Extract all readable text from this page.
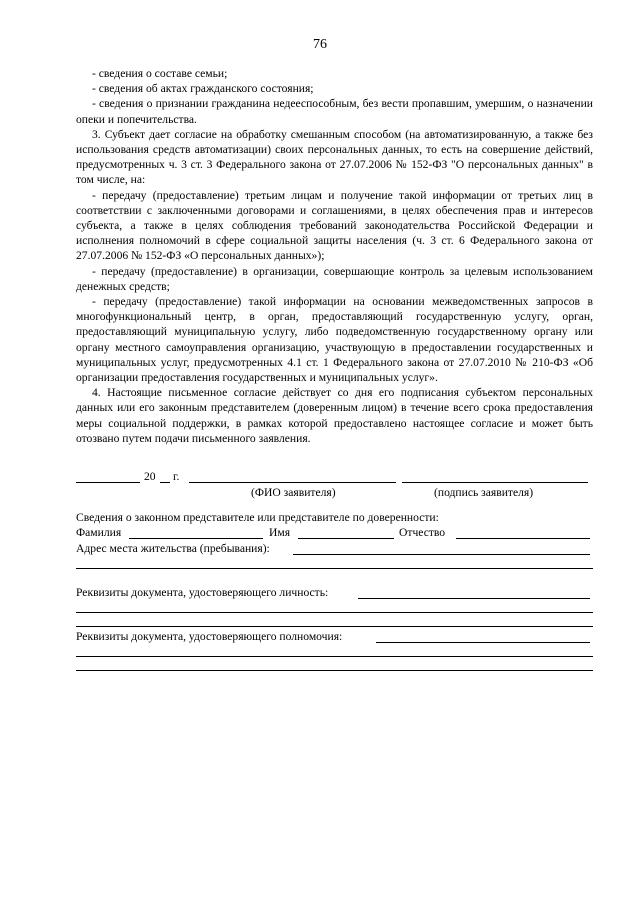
76

- сведения о составе семьи;

- сведения об актах гражданского состояния;

- сведения о признании гражданина недееспособным, без вести пропавшим, умершим, о назначении опеки и попечительства.

3. Субъект дает согласие на обработку смешанным способом (на автоматизированную, а также без использования средств автоматизации) своих персональных данных, то есть на совершение действий, предусмотренных ч. 3 ст. 3 Федерального закона от 27.07.2006 № 152-ФЗ "О персональных данных" в том числе, на:

- передачу (предоставление) третьим лицам и получение такой информации от третьих лиц в соответствии с заключенными договорами и соглашениями, в целях обеспечения прав и интересов субъекта, а также в целях соблюдения требований законодательства Российской Федерации и исполнения полномочий в сфере социальной защиты населения (ч. 3 ст. 6 Федерального закона от 27.07.2006 № 152-ФЗ «О персональных данных»);

- передачу (предоставление) в организации, совершающие контроль за целевым использованием денежных средств;

- передачу (предоставление) такой информации на основании межведомственных запросов в многофункциональный центр, в орган, предоставляющий государственную услугу, орган, предоставляющий муниципальную услугу, либо подведомственную государственному органу или органу местного самоуправления организацию, участвующую в предоставлении государственных и муниципальных услуг, предусмотренных 4.1 ст. 1 Федерального закона от 27.07.2010 № 210-ФЗ «Об организации предоставления государственных и муниципальных услуг».

4. Настоящие письменное согласие действует со дня его подписания субъектом персональных данных или его законным представителем (доверенным лицом) в течение всего срока предоставления меры социальной поддержки, в рамках которой предоставлено настоящее согласие и может быть отозвано путем подачи письменного заявления.

20 г.
(ФИО заявителя)	(подпись заявителя)
Сведения о законном представителе или представителе по доверенности:
Фамилия	Имя	Отчество
Адрес места жительства (пребывания):
Реквизиты документа, удостоверяющего личность:
Реквизиты документа, удостоверяющего полномочия:
